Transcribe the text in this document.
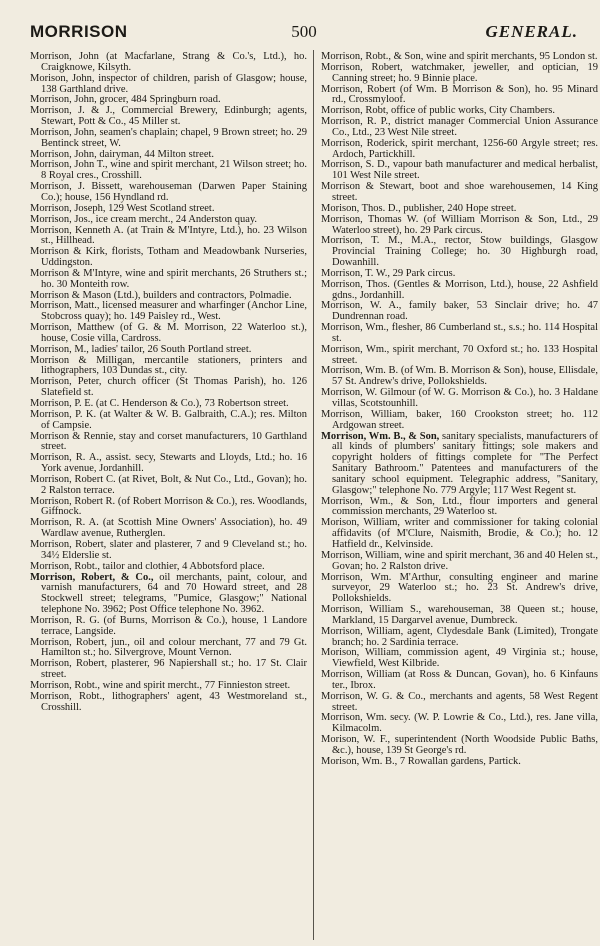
MORRISON	500	GENERAL.

Morrison, John (at Macfarlane, Strang & Co.'s, Ltd.), ho. Craigknowe, Kilsyth.

Morison, John, inspector of children, parish of Glasgow; house, 138 Garthland drive.

Morrison, John, grocer, 484 Springburn road.

Morrison, J. & J., Commercial Brewery, Edinburgh; agents, Stewart, Pott & Co., 45 Miller st.

Morrison, John, seamen's chaplain; chapel, 9 Brown street; ho. 29 Bentinck street, W.

Morrison, John, dairyman, 44 Milton street.

Morrison, John T., wine and spirit merchant, 21 Wilson street; ho. 8 Royal cres., Crosshill.

Morrison, J. Bissett, warehouseman (Darwen Paper Staining Co.); house, 156 Hyndland rd.

Morrison, Joseph, 129 West Scotland street.

Morrison, Jos., ice cream mercht., 24 Anderston quay.

Morrison, Kenneth A. (at Train & M'Intyre, Ltd.), ho. 23 Wilson st., Hillhead.

Morrison & Kirk, florists, Totham and Meadowbank Nurseries, Uddingston.

Morrison & M'Intyre, wine and spirit merchants, 26 Struthers st.; ho. 30 Monteith row.

Morrison & Mason (Ltd.), builders and contractors, Polmadie.

Morrison, Matt., licensed measurer and wharfinger (Anchor Line, Stobcross quay); ho. 149 Paisley rd., West.

Morrison, Matthew (of G. & M. Morrison, 22 Waterloo st.), house, Cosie villa, Cardross.

Morrison, M., ladies' tailor, 26 South Portland street.

Morrison & Milligan, mercantile stationers, printers and lithographers, 103 Dundas st., city.

Morrison, Peter, church officer (St Thomas Parish), ho. 126 Slatefield st.

Morrison, P. E. (at C. Henderson & Co.), 73 Robertson street.

Morrison, P. K. (at Walter & W. B. Galbraith, C.A.); res. Milton of Campsie.

Morrison & Rennie, stay and corset manufacturers, 10 Garthland street.

Morrison, R. A., assist. secy, Stewarts and Lloyds, Ltd.; ho. 16 York avenue, Jordanhill.

Morrison, Robert C. (at Rivet, Bolt, & Nut Co., Ltd., Govan); ho. 2 Ralston terrace.

Morrison, Robert R. (of Robert Morrison & Co.), res. Woodlands, Giffnock.

Morrison, R. A. (at Scottish Mine Owners' Association), ho. 49 Wardlaw avenue, Rutherglen.

Morrison, Robert, slater and plasterer, 7 and 9 Cleveland st.; ho. 34½ Elderslie st.

Morrison, Robt., tailor and clothier, 4 Abbotsford place.

Morrison, Robert, & Co., oil merchants, paint, colour, and varnish manufacturers, 64 and 70 Howard street, and 28 Stockwell street; telegrams, "Pumice, Glasgow;" National telephone No. 3962; Post Office telephone No. 3962.

Morrison, R. G. (of Burns, Morrison & Co.), house, 1 Landore terrace, Langside.

Morrison, Robert, jun., oil and colour merchant, 77 and 79 Gt. Hamilton st.; ho. Silvergrove, Mount Vernon.

Morrison, Robert, plasterer, 96 Napiershall st.; ho. 17 St. Clair street.

Morrison, Robt., wine and spirit mercht., 77 Finnieston street.

Morrison, Robt., lithographers' agent, 43 Westmoreland st., Crosshill.

Morrison, Robt., & Son, wine and spirit merchants, 95 London st.

Morrison, Robert, watchmaker, jeweller, and optician, 19 Canning street; ho. 9 Binnie place.

Morrison, Robert (of Wm. B Morrison & Son), ho. 95 Minard rd., Crossmyloof.

Morrison, Robt, office of public works, City Chambers.

Morrison, R. P., district manager Commercial Union Assurance Co., Ltd., 23 West Nile street.

Morrison, Roderick, spirit merchant, 1256-60 Argyle street; res. Ardoch, Partickhill.

Morrison, S. D., vapour bath manufacturer and medical herbalist, 101 West Nile street.

Morrison & Stewart, boot and shoe warehousemen, 14 King street.

Morison, Thos. D., publisher, 240 Hope street.

Morrison, Thomas W. (of William Morrison & Son, Ltd., 29 Waterloo street), ho. 29 Park circus.

Morrison, T. M., M.A., rector, Stow buildings, Glasgow Provincial Training College; ho. 30 Highburgh road, Dowanhill.

Morrison, T. W., 29 Park circus.

Morrison, Thos. (Gentles & Morrison, Ltd.), house, 22 Ashfield gdns., Jordanhill.

Morrison, W. A., family baker, 53 Sinclair drive; ho. 47 Dundrennan road.

Morrison, Wm., flesher, 86 Cumberland st., s.s.; ho. 114 Hospital st.

Morrison, Wm., spirit merchant, 70 Oxford st.; ho. 133 Hospital street.

Morrison, Wm. B. (of Wm. B. Morrison & Son), house, Ellisdale, 57 St. Andrew's drive, Pollokshields.

Morrison, W. Gilmour (of W. G. Morrison & Co.), ho. 3 Haldane villas, Scotstounhill.

Morrison, William, baker, 160 Crookston street; ho. 112 Ardgowan street.

Morrison, Wm. B., & Son, sanitary specialists, manufacturers of all kinds of plumbers' sanitary fittings; sole makers and copyright holders of fittings complete for "The Perfect Sanitary Bathroom." Patentees and manufacturers of the sanitary school equipment. Telegraphic address, "Sanitary, Glasgow;" telephone No. 779 Argyle; 117 West Regent st.

Morrison, Wm., & Son, Ltd., flour importers and general commission merchants, 29 Waterloo st.

Morison, William, writer and commissioner for taking colonial affidavits (of M'Clure, Naismith, Brodie, & Co.); ho. 12 Hatfield dr., Kelvinside.

Morrison, William, wine and spirit merchant, 36 and 40 Helen st., Govan; ho. 2 Ralston drive.

Morrison, Wm. M'Arthur, consulting engineer and marine surveyor, 29 Waterloo st.; ho. 23 St. Andrew's drive, Pollokshields.

Morrison, William S., warehouseman, 38 Queen st.; house, Markland, 15 Dargarvel avenue, Dumbreck.

Morrison, William, agent, Clydesdale Bank (Limited), Trongate branch; ho. 2 Sardinia terrace.

Morison, William, commission agent, 49 Virginia st.; house, Viewfield, West Kilbride.

Morrison, William (at Ross & Duncan, Govan), ho. 6 Kinfauns ter., Ibrox.

Morrison, W. G. & Co., merchants and agents, 58 West Regent street.

Morrison, Wm. secy. (W. P. Lowrie & Co., Ltd.), res. Jane villa, Kilmacolm.

Morison, W. F., superintendent (North Woodside Public Baths, &c.), house, 139 St George's rd.

Morison, Wm. B., 7 Rowallan gardens, Partick.
